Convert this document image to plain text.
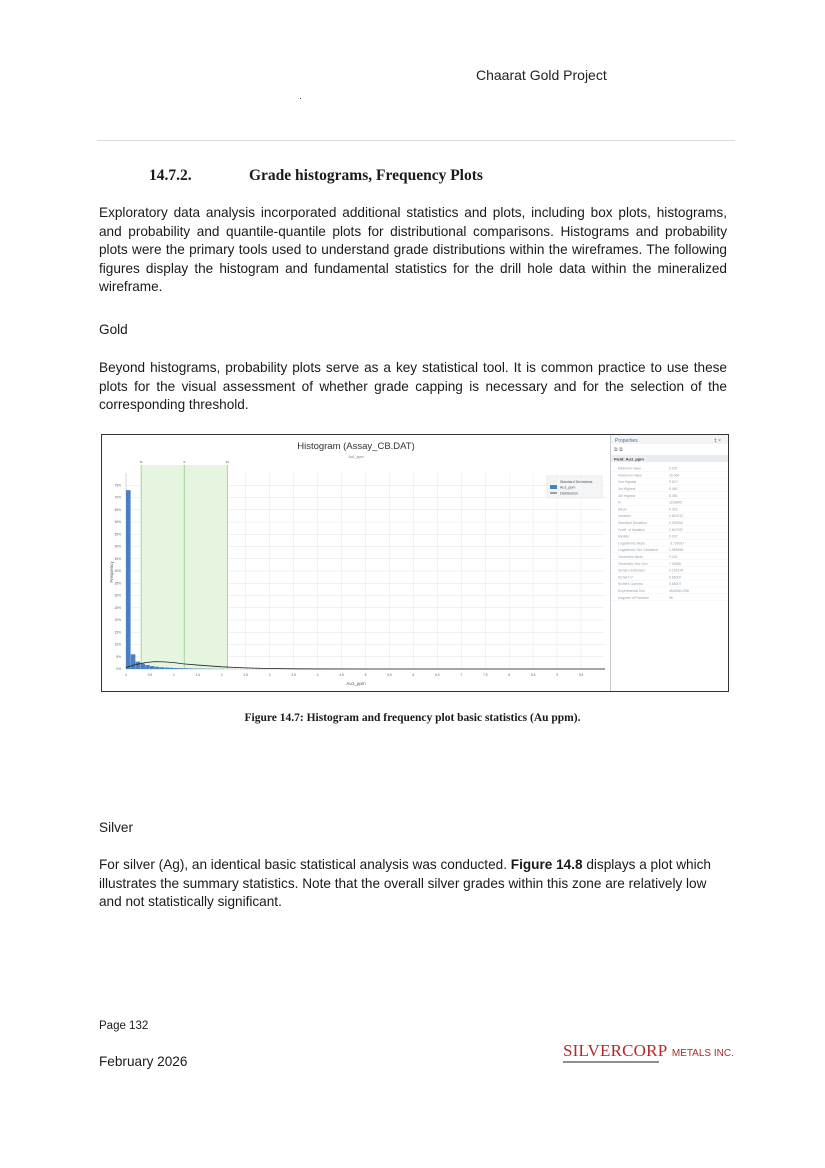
Chaarat Gold Project
14.7.2.	Grade histograms, Frequency Plots
Exploratory data analysis incorporated additional statistics and plots, including box plots, histograms, and probability and quantile-quantile plots for distributional comparisons. Histograms and probability plots were the primary tools used to understand grade distributions within the wireframes. The following figures display the histogram and fundamental statistics for the drill hole data within the mineralized wireframe.
Gold
Beyond histograms, probability plots serve as a key statistical tool. It is common practice to use these plots for the visual assessment of whether grade capping is necessary and for the selection of the corresponding threshold.
Histogram (Assay_CB.DAT)
Au1_ppm
Au1_ppm
Frequency
M	S	2S
0%
5%
10%
15%
20%
25%
30%
35%
40%
45%
50%
55%
60%
65%
70%
75%
0	0.5	1	1.5	2	2.5	3	3.5	4	4.5	5	5.5	6	6.5	7	7.5	8	8.5	9	9.5
Standard Deviations
Au1_ppm
Distribution
Properties	‡ ×
⧉ ⧉
Field: Au1_ppm
Minimum Value	0.001
Maximum Value	16.000
2nd Highest	9.870
3rd Highest	8.460
4th Highest	8.080
N	1159895
Mean	0.316
Variance	0.810012
Standard Deviation	0.900006
Coeff. of Variation	2.847937
Median	0.022
Logarithmic Mean	-3.730017
Logarithmic Std. Deviation	1.955456
Geometric Mean	0.024
Geometric Std. Dev.	7.06350
Sichel's Estimator	0.161678
Sichel's V	6.85200
Sichel's Gamma	6.68007
Experimental Chi²	4645160.096
Degrees of Freedom	96
Figure 14.7: Histogram and frequency plot basic statistics (Au ppm).
Silver
For silver (Ag), an identical basic statistical analysis was conducted. Figure 14.8 displays a plot which illustrates the summary statistics. Note that the overall silver grades within this zone are relatively low and not statistically significant.
Page 132
February 2026
SILVERCORP METALS INC.
